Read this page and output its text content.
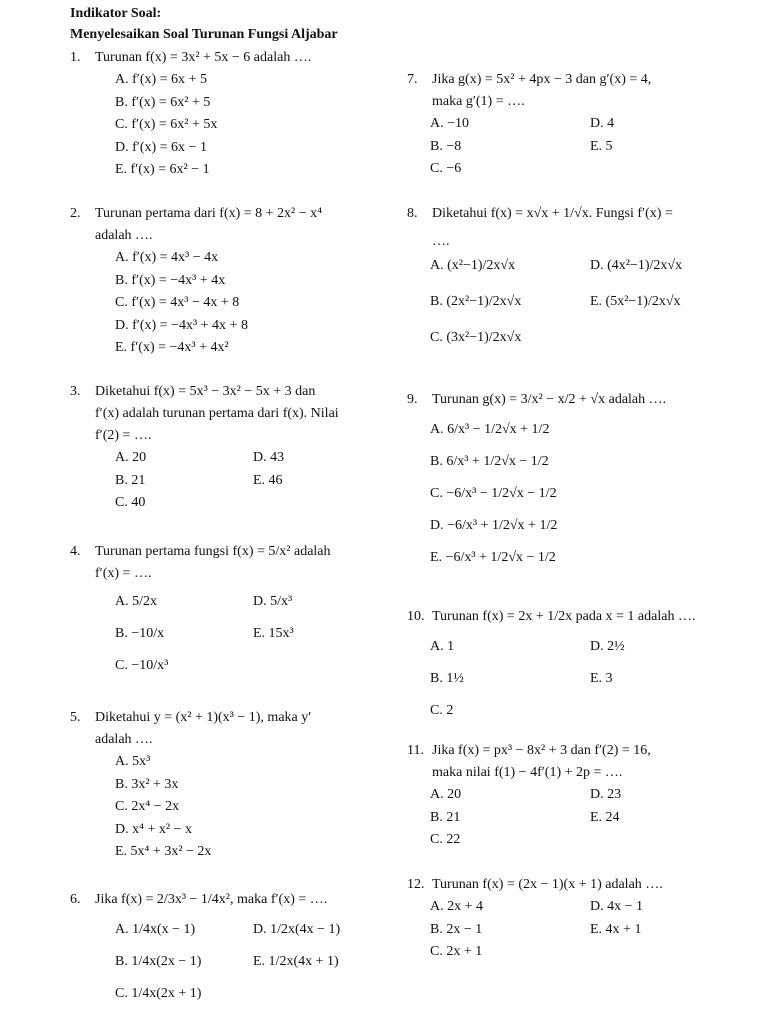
Indikator Soal:
Menyelesaikan Soal Turunan Fungsi Aljabar
1.	Turunan f(x) = 3x² + 5x − 6 adalah ….
A. f′(x) = 6x + 5
B. f′(x) = 6x² + 5
C. f′(x) = 6x² + 5x
D. f′(x) = 6x − 1
E. f′(x) = 6x² − 1
2.	Turunan pertama dari f(x) = 8 + 2x² − x⁴
adalah ….
A. f′(x) = 4x³ − 4x
B. f′(x) = −4x³ + 4x
C. f′(x) = 4x³ − 4x + 8
D. f′(x) = −4x³ + 4x + 8
E. f′(x) = −4x³ + 4x²
3.	Diketahui f(x) = 5x³ − 3x² − 5x + 3 dan
f′(x) adalah turunan pertama dari f(x). Nilai
f′(2) = ….
A. 20	D. 43
B. 21	E. 46
C. 40
4.	Turunan pertama fungsi f(x) = 5/x² adalah
f′(x) = ….
A. 5/2x	D. 5/x³
B. −10/x	E. 15x³
C. −10/x³
5.	Diketahui y = (x² + 1)(x³ − 1), maka y′
adalah ….
A. 5x³
B. 3x² + 3x
C. 2x⁴ − 2x
D. x⁴ + x² − x
E. 5x⁴ + 3x² − 2x
6.	Jika f(x) = 2/3x³ − 1/4x², maka f′(x) = ….
A. 1/4x(x − 1)	D. 1/2x(4x − 1)
B. 1/4x(2x − 1)	E. 1/2x(4x + 1)
C. 1/4x(2x + 1)
7.	Jika g(x) = 5x² + 4px − 3 dan g′(x) = 4,
maka g′(1) = ….
A. −10	D. 4
B. −8	E. 5
C. −6
8.	Diketahui f(x) = x√x + 1/√x. Fungsi f′(x) =
….
A. (x²−1)/2x√x	D. (4x²−1)/2x√x
B. (2x²−1)/2x√x	E. (5x²−1)/2x√x
C. (3x²−1)/2x√x
9.	Turunan g(x) = 3/x² − x/2 + √x adalah ….
A. 6/x³ − 1/2√x + 1/2
B. 6/x³ + 1/2√x − 1/2
C. −6/x³ − 1/2√x − 1/2
D. −6/x³ + 1/2√x + 1/2
E. −6/x³ + 1/2√x − 1/2
10. Turunan f(x) = 2x + 1/2x pada x = 1 adalah ….
A. 1	D. 2½
B. 1½	E. 3
C. 2
11. Jika f(x) = px³ − 8x² + 3 dan f′(2) = 16,
maka nilai f(1) − 4f′(1) + 2p = ….
A. 20	D. 23
B. 21	E. 24
C. 22
12. Turunan f(x) = (2x − 1)(x + 1) adalah ….
A. 2x + 4	D. 4x − 1
B. 2x − 1	E. 4x + 1
C. 2x + 1
